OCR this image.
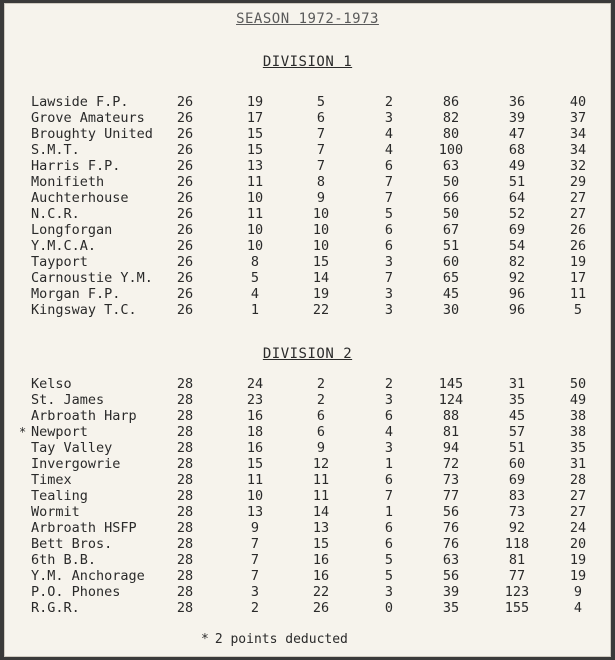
SEASON 1972-1973
DIVISION 1
Lawside F.P.	26	19	5	2	86	36	40
Grove Amateurs	26	17	6	3	82	39	37
Broughty United	26	15	7	4	80	47	34
S.M.T.	26	15	7	4	100	68	34
Harris F.P.	26	13	7	6	63	49	32
Monifieth	26	11	8	7	50	51	29
Auchterhouse	26	10	9	7	66	64	27
N.C.R.	26	11	10	5	50	52	27
Longforgan	26	10	10	6	67	69	26
Y.M.C.A.	26	10	10	6	51	54	26
Tayport	26	8	15	3	60	82	19
Carnoustie Y.M.	26	5	14	7	65	92	17
Morgan F.P.	26	4	19	3	45	96	11
Kingsway T.C.	26	1	22	3	30	96	5
DIVISION 2
Kelso	28	24	2	2	145	31	50
St. James	28	23	2	3	124	35	49
Arbroath Harp	28	16	6	6	88	45	38
* Newport	28	18	6	4	81	57	38
Tay Valley	28	16	9	3	94	51	35
Invergowrie	28	15	12	1	72	60	31
Timex	28	11	11	6	73	69	28
Tealing	28	10	11	7	77	83	27
Wormit	28	13	14	1	56	73	27
Arbroath HSFP	28	9	13	6	76	92	24
Bett Bros.	28	7	15	6	76	118	20
6th B.B.	28	7	16	5	63	81	19
Y.M. Anchorage	28	7	16	5	56	77	19
P.O. Phones	28	3	22	3	39	123	9
R.G.R.	28	2	26	0	35	155	4
* 2 points deducted
